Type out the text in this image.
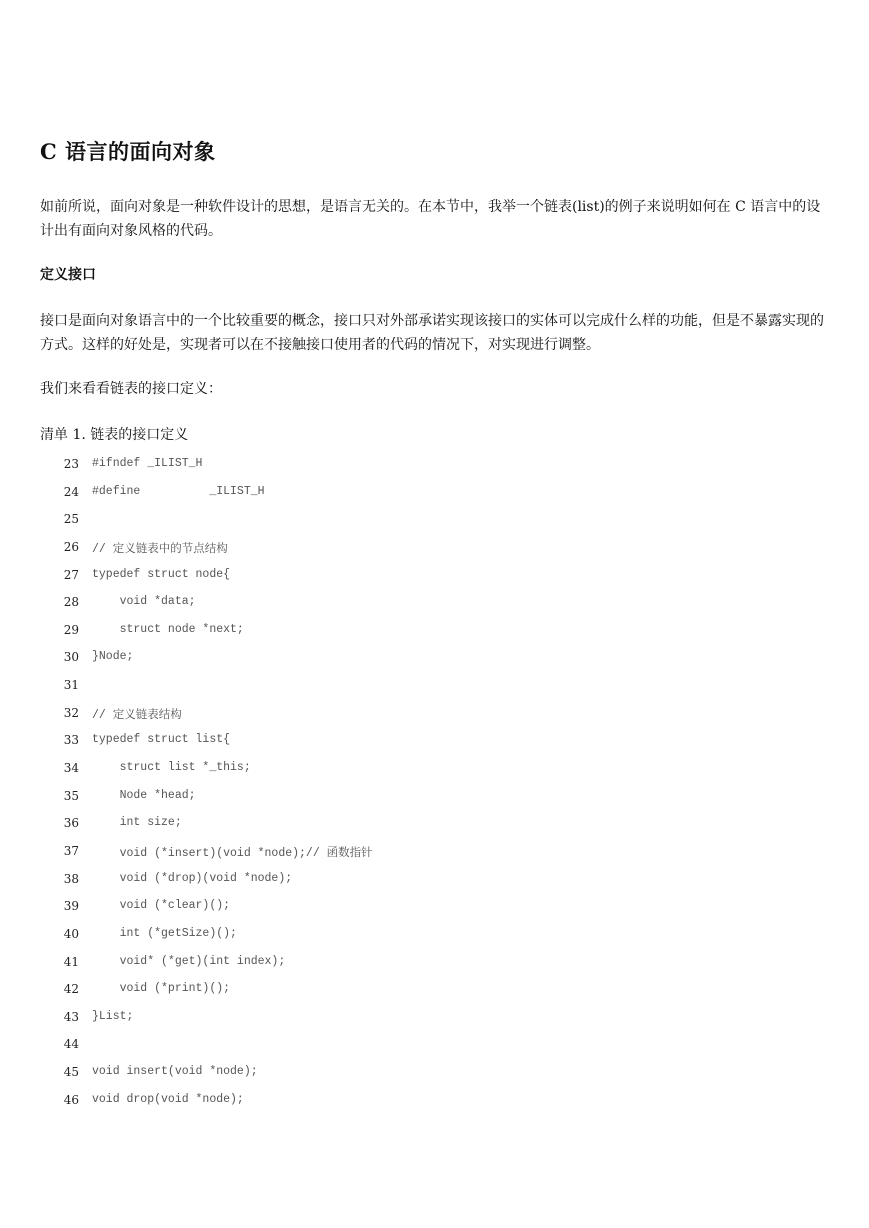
C 语言的面向对象
如前所说，面向对象是一种软件设计的思想，是语言无关的。在本节中，我举一个链表(list)的例子来说明如何在 C 语言中的设计出有面向对象风格的代码。
定义接口
接口是面向对象语言中的一个比较重要的概念，接口只对外部承诺实现该接口的实体可以完成什么样的功能，但是不暴露实现的方式。这样的好处是，实现者可以在不接触接口使用者的代码的情况下，对实现进行调整。
我们来看看链表的接口定义：
清单 1. 链表的接口定义
23 #ifndef _ILIST_H
24 #define          _ILIST_H
25
26 // 定义链表中的节点结构
27 typedef struct node{
28 void *data;
29 struct node *next;
30 }Node;
31
32 // 定义链表结构
33 typedef struct list{
34 struct list *_this;
35 Node *head;
36 int size;
37 void (*insert)(void *node);// 函数指针
38 void (*drop)(void *node);
39 void (*clear)();
40 int (*getSize)();
41 void* (*get)(int index);
42 void (*print)();
43 }List;
44
45 void insert(void *node);
46 void drop(void *node);
